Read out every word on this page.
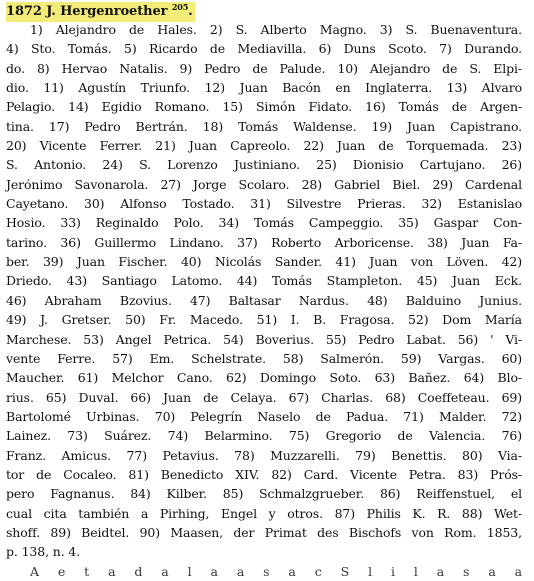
1872 J. Hergenroether $^{205}$.
1) Alejandro de Hales. 2) S. Alberto Magno. 3) S. Buenaventura.
4) Sto. Tomás. 5) Ricardo de Mediavilla. 6) Duns Scoto. 7) Durando.
do. 8) Hervao Natalis. 9) Pedro de Palude. 10) Alejandro de S. Elpi-
dio. 11) Agustín Triunfo. 12) Juan Bacón en Inglaterra. 13) Alvaro
Pelagio. 14) Egidio Romano. 15) Simón Fidato. 16) Tomás de Argen-
tina. 17) Pedro Bertrán. 18) Tomás Waldense. 19) Juan Capistrano.
20) Vicente Ferrer. 21) Juan Capreolo. 22) Juan de Torquemada. 23)
S. Antonio. 24) S. Lorenzo Justiniano. 25) Dionisio Cartujano. 26)
Jerónimo Savonarola. 27) Jorge Scolaro. 28) Gabriel Biel. 29) Cardenal
Cayetano. 30) Alfonso Tostado. 31) Silvestre Prieras. 32) Estanislao
Hosio. 33) Reginaldo Polo. 34) Tomás Campeggio. 35) Gaspar Con-
tarino. 36) Guillermo Lindano. 37) Roberto Arboricense. 38) Juan Fa-
ber. 39) Juan Fischer. 40) Nicolás Sander. 41) Juan von Löven. 42)
Driedo. 43) Santiago Latomo. 44) Tomás Stampleton. 45) Juan Eck.
46) Abraham Bzovius. 47) Baltasar Nardus. 48) Balduino Junius.
49) J. Gretser. 50) Fr. Macedo. 51) I. B. Fragosa. 52) Dom María
Marchese. 53) Angel Petrica. 54) Boverius. 55) Pedro Labat. 56) ' Vi-
vente Ferre. 57) Em. Schelstrate. 58) Salmerón. 59) Vargas. 60)
Maucher. 61) Melchor Cano. 62) Domingo Soto. 63) Bañez. 64) Blo-
rius. 65) Duval. 66) Juan de Celaya. 67) Charlas. 68) Coeffeteau. 69)
Bartolomé Urbinas. 70) Pelegrín Naselo de Padua. 71) Malder. 72)
Lainez. 73) Suárez. 74) Belarmino. 75) Gregorio de Valencia. 76)
Franz. Amicus. 77) Petavius. 78) Muzzarelli. 79) Benettis. 80) Via-
tor de Cocaleo. 81) Benedicto XIV. 82) Card. Vicente Petra. 83) Prós-
pero Fagnanus. 84) Kilber. 85) Schmalzgrueber. 86) Reiffenstuel, el
cual cita también a Pirhing, Engel y otros. 87) Philis K. R. 88) Wet-
shoff. 89) Beidtel. 90) Maasen, der Primat des Bischofs von Rom. 1853,
p. 138, n. 4.
A e t a d a l a a s a c S l i l a s a a
